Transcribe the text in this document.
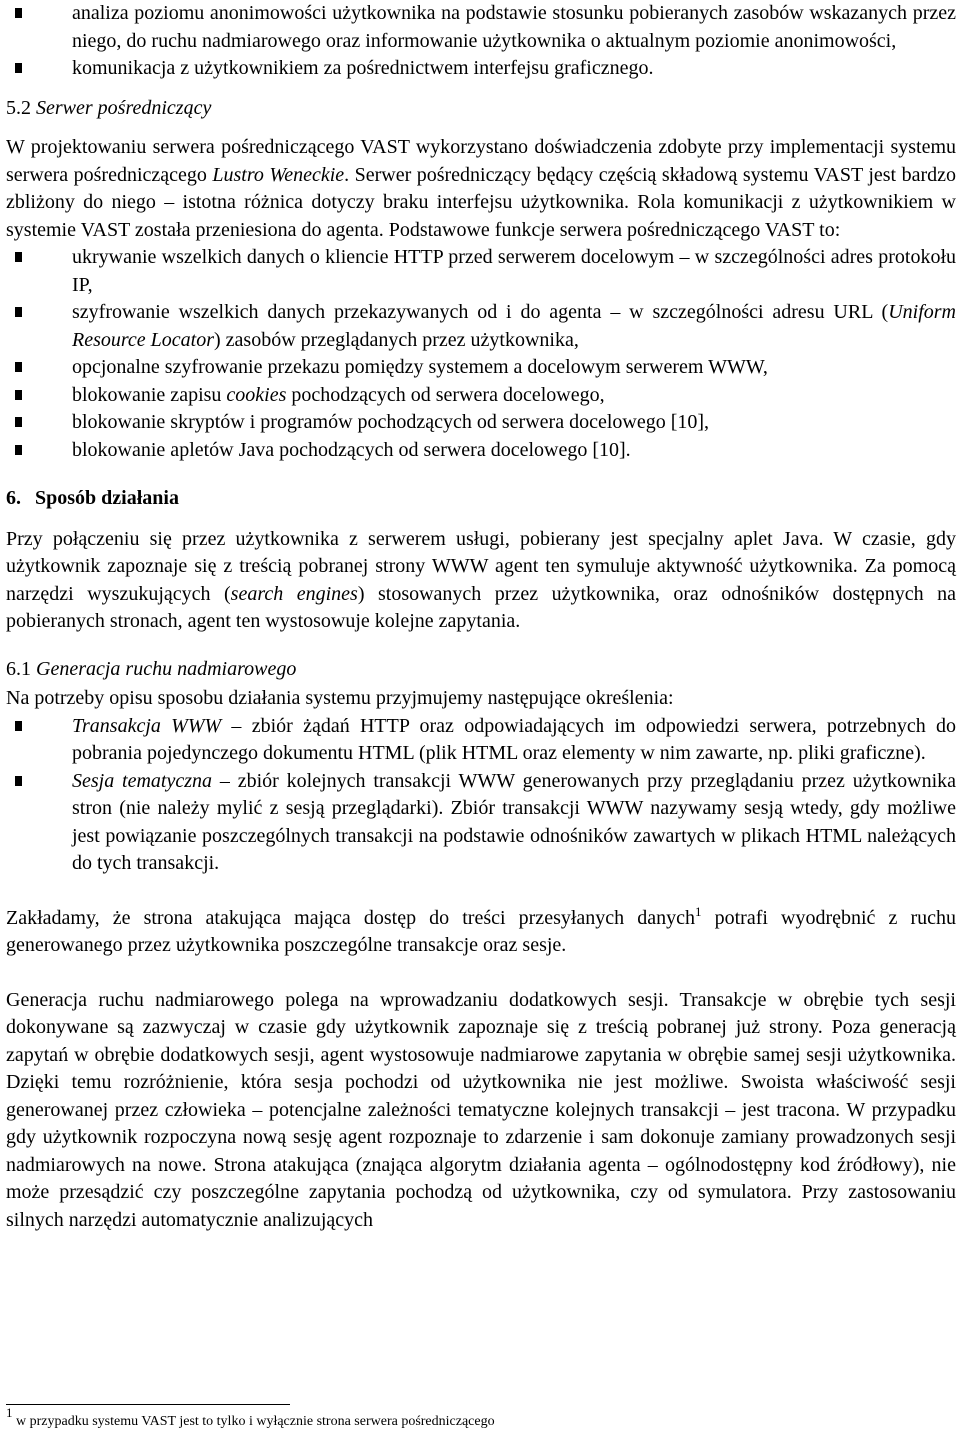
analiza poziomu anonimowości użytkownika na podstawie stosunku pobieranych zasobów wskazanych przez niego, do ruchu nadmiarowego oraz informowanie użytkownika o aktualnym poziomie anonimowości,
komunikacja z użytkownikiem za pośrednictwem interfejsu graficznego.
5.2 Serwer pośredniczący

W projektowaniu serwera pośredniczącego VAST wykorzystano doświadczenia zdobyte przy implementacji systemu serwera pośredniczącego Lustro Weneckie. Serwer pośredniczący będący częścią składową systemu VAST jest bardzo zbliżony do niego – istotna różnica dotyczy braku interfejsu użytkownika. Rola komunikacji z użytkownikiem w systemie VAST została przeniesiona do agenta. Podstawowe funkcje serwera pośredniczącego VAST to:

ukrywanie wszelkich danych o kliencie HTTP przed serwerem docelowym – w szczególności adres protokołu IP,
szyfrowanie wszelkich danych przekazywanych od i do agenta – w szczególności adresu URL (Uniform Resource Locator) zasobów przeglądanych przez użytkownika,
opcjonalne szyfrowanie przekazu pomiędzy systemem a docelowym serwerem WWW,
blokowanie zapisu cookies pochodzących od serwera docelowego,
blokowanie skryptów i programów pochodzących od serwera docelowego [10],
blokowanie apletów Java pochodzących od serwera docelowego [10].
6. Sposób działania

Przy połączeniu się przez użytkownika z serwerem usługi, pobierany jest specjalny aplet Java. W czasie, gdy użytkownik zapoznaje się z treścią pobranej strony WWW agent ten symuluje aktywność użytkownika. Za pomocą narzędzi wyszukujących (search engines) stosowanych przez użytkownika, oraz odnośników dostępnych na pobieranych stronach, agent ten wystosowuje kolejne zapytania.

6.1 Generacja ruchu nadmiarowego

Na potrzeby opisu sposobu działania systemu przyjmujemy następujące określenia:

Transakcja WWW – zbiór żądań HTTP oraz odpowiadających im odpowiedzi serwera, potrzebnych do pobrania pojedynczego dokumentu HTML (plik HTML oraz elementy w nim zawarte, np. pliki graficzne).
Sesja tematyczna – zbiór kolejnych transakcji WWW generowanych przy przeglądaniu przez użytkownika stron (nie należy mylić z sesją przeglądarki). Zbiór transakcji WWW nazywamy sesją wtedy, gdy możliwe jest powiązanie poszczególnych transakcji na podstawie odnośników zawartych w plikach HTML należących do tych transakcji.

Zakładamy, że strona atakująca mająca dostęp do treści przesyłanych danych$^1$ potrafi wyodrębnić z ruchu generowanego przez użytkownika poszczególne transakcje oraz sesje.

Generacja ruchu nadmiarowego polega na wprowadzaniu dodatkowych sesji. Transakcje w obrębie tych sesji dokonywane są zazwyczaj w czasie gdy użytkownik zapoznaje się z treścią pobranej już strony. Poza generacją zapytań w obrębie dodatkowych sesji, agent wystosowuje nadmiarowe zapytania w obrębie samej sesji użytkownika. Dzięki temu rozróżnienie, która sesja pochodzi od użytkownika nie jest możliwe. Swoista właściwość sesji generowanej przez człowieka – potencjalne zależności tematyczne kolejnych transakcji – jest tracona. W przypadku gdy użytkownik rozpoczyna nową sesję agent rozpoznaje to zdarzenie i sam dokonuje zamiany prowadzonych sesji nadmiarowych na nowe. Strona atakująca (znająca algorytm działania agenta – ogólnodostępny kod źródłowy), nie może przesądzić czy poszczególne zapytania pochodzą od użytkownika, czy od symulatora. Przy zastosowaniu silnych narzędzi automatycznie analizujących

$^1$ w przypadku systemu VAST jest to tylko i wyłącznie strona serwera pośredniczącego
